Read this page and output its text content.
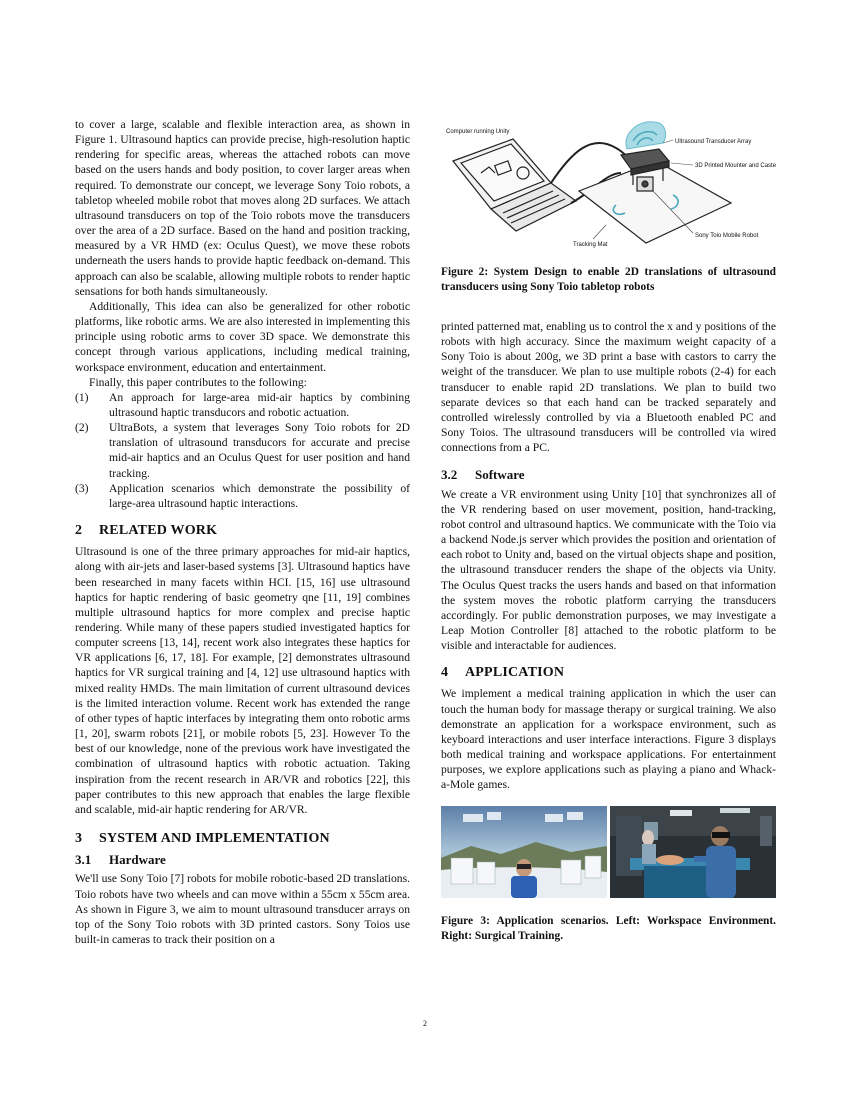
to cover a large, scalable and flexible interaction area, as shown in Figure 1. Ultrasound haptics can provide precise, high-resolution haptic rendering for specific areas, whereas the attached robots can move based on the users hands and body position, to cover larger areas when required. To demonstrate our concept, we leverage Sony Toio robots, a tabletop wheeled mobile robot that moves along 2D surfaces. We attach ultrasound transducers on top of the Toio robots move the transducers over the area of a 2D surface. Based on the hand and position tracking, measured by a VR HMD (ex: Oculus Quest), we move these robots underneath the users hands to provide haptic feedback on-demand. This approach can also be scalable, allowing multiple robots to render haptic sensations for both hands simultaneously.

Additionally, This idea can also be generalized for other robotic platforms, like robotic arms. We are also interested in implementing this principle using robotic arms to cover 3D space. We demonstrate this concept through various applications, including medical training, workspace environment, education and entertainment.

Finally, this paper contributes to the following:

(1) An approach for large-area mid-air haptics by combining ultrasound haptic transducors and robotic actuation.
(2) UltraBots, a system that leverages Sony Toio robots for 2D translation of ultrasound transducors for accurate and precise mid-air haptics and an Oculus Quest for user position and hand tracking.
(3) Application scenarios which demonstrate the possibility of large-area ultrasound haptic interactions.
2 RELATED WORK

Ultrasound is one of the three primary approaches for mid-air haptics, along with air-jets and laser-based systems [3]. Ultrasound haptics have been researched in many facets within HCI. [15, 16] use ultrasound haptics for haptic rendering of basic geometry qne [11, 19] combines multiple ultrasound haptics for more complex and precise haptic rendering. While many of these papers studied investigated haptics for computer screens [13, 14], recent work also integrates these haptics for VR applications [6, 17, 18]. For example, [2] demonstrates ultrasound haptics for VR surgical training and [4, 12] use ultrasound haptics with mixed reality HMDs. The main limitation of current ultrasound devices is the limited interaction volume. Recent work has extended the range of other types of haptic interfaces by integrating them onto robotic arms [1, 20], swarm robots [21], or mobile robots [5, 23]. However To the best of our knowledge, none of the previous work have investigated the combination of ultrasound haptics with robotic actuation. Taking inspiration from the recent research in AR/VR and robotics [22], this paper contributes to this new approach that enables the large flexible and scalable, mid-air haptic rendering for AR/VR.

3 SYSTEM AND IMPLEMENTATION
3.1 Hardware

We'll use Sony Toio [7] robots for mobile robotic-based 2D translations. Toio robots have two wheels and can move within a 55cm x 55cm area. As shown in Figure 3, we aim to mount ultrasound transducer arrays on top of the Sony Toio robots with 3D printed castors. Sony Toios use built-in cameras to track their position on a

Computer running Unity
Ultrasound Transducer Array
3D Printed Mounter and Caster
Sony Toio Mobile Robot
Tracking Mat

Figure 2: System Design to enable 2D translations of ultrasound transducers using Sony Toio tabletop robots

printed patterned mat, enabling us to control the x and y positions of the robots with high accuracy. Since the maximum weight capacity of a Sony Toio is about 200g, we 3D print a base with castors to carry the weight of the transducer. We plan to use multiple robots (2-4) for each transducer to enable rapid 2D translations. We plan to build two separate devices so that each hand can be tracked separately and controlled wirelessly controlled by via a Bluetooth enabled PC and Sony Toios. The ultrasound transducers will be controlled via wired connections from a PC.

3.2 Software

We create a VR environment using Unity [10] that synchronizes all of the VR rendering based on user movement, position, hand-tracking, robot control and ultrasound haptics. We communicate with the Toio via a backend Node.js server which provides the position and orientation of each robot to Unity and, based on the virtual objects shape and position, the ultrasound transducer renders the shape of the objects via Unity. The Oculus Quest tracks the users hands and based on that information the system moves the robotic platform carrying the transducers accordingly. For public demonstration purposes, we may investigate a Leap Motion Controller [8] attached to the robotic platform to be visible and interactable for audiences.

4 APPLICATION

We implement a medical training application in which the user can touch the human body for massage therapy or surgical training. We also demonstrate an application for a workspace environment, such as keyboard interactions and user interface interactions. Figure 3 displays both medical training and workspace applications. For entertainment purposes, we explore applications such as playing a piano and Whack-a-Mole games.

Figure 3: Application scenarios. Left: Workspace Environment. Right: Surgical Training.

2
